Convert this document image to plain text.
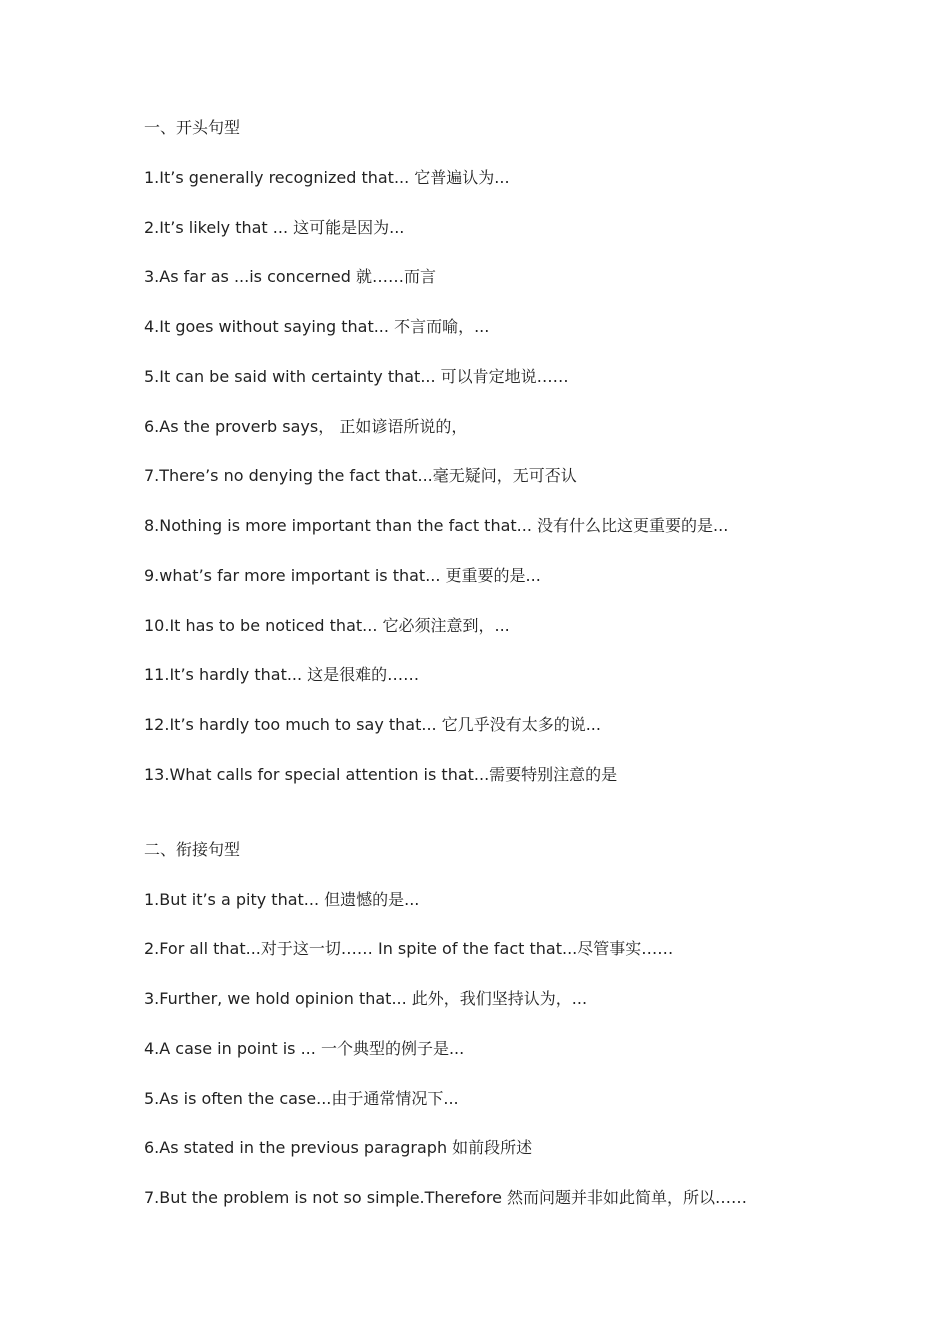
一、开头句型
1.It’s generally recognized that... 它普遍认为...
2.It’s likely that ... 这可能是因为...
3.As far as ...is concerned 就……而言
4.It goes without saying that... 不言而喻，...
5.It can be said with certainty that... 可以肯定地说……
6.As the proverb says， 正如谚语所说的，
7.There’s no denying the fact that...毫无疑问，无可否认
8.Nothing is more important than the fact that... 没有什么比这更重要的是...
9.what’s far more important is that... 更重要的是...
10.It has to be noticed that... 它必须注意到，...
11.It’s hardly that... 这是很难的……
12.It’s hardly too much to say that... 它几乎没有太多的说...
13.What calls for special attention is that...需要特别注意的是
二、衔接句型
1.But it’s a pity that... 但遗憾的是...
2.For all that...对于这一切…… In spite of the fact that...尽管事实……
3.Further, we hold opinion that... 此外，我们坚持认为，...
4.A case in point is ... 一个典型的例子是...
5.As is often the case...由于通常情况下...
6.As stated in the previous paragraph 如前段所述
7.But the problem is not so simple.Therefore 然而问题并非如此简单，所以……
